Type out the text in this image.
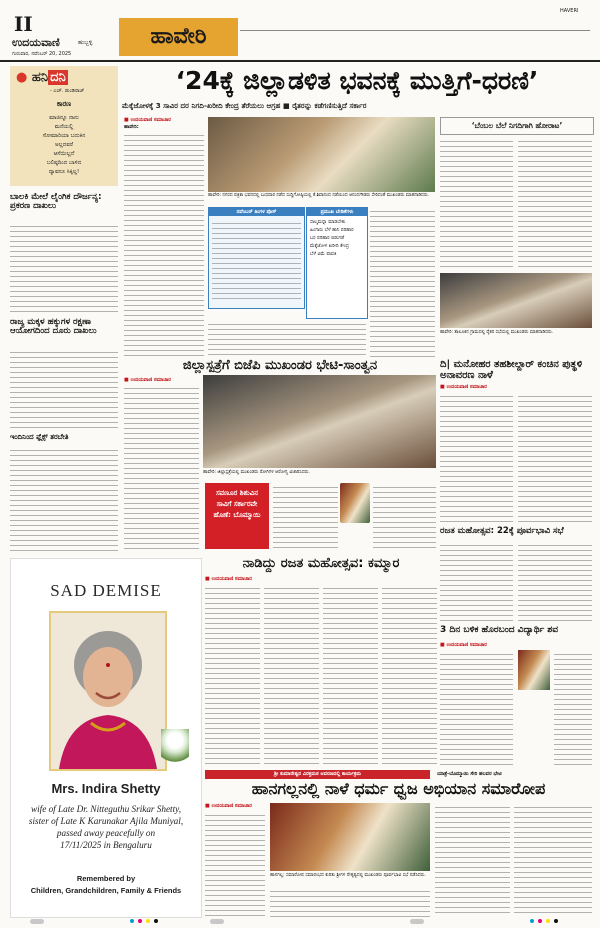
II
ಉದಯವಾಣಿ	ಹುಬ್ಬಳ್ಳಿ
ಗುರುವಾರ, ನವೆಂಬರ್ 20, 2025
ಹಾವೇರಿ
HAVERI
● ಹನಿ ದನಿ
- ಎಚ್. ಡುಂಡಿರಾಜ್
ಕಾರಣ
ಮಾಜಿನ್ನೂ ನಾನು
ಮನೆಯಲ್ಲಿ
ಸೋಮಾರಿಯಾ ಬದುಕಿನ
ಅಲ್ಲದವರೆ
ಆಸೆಯಿಲ್ಲದೆ
ಬಲಿಷ್ಠದಿಂದ ಬಾಳಿದ
ದ್ಯಾವನೂ ಸಿಕ್ಕಿಲ್ಲ!
ಬಾಲಕಿ ಮೇಲೆ ಲೈಂಗಿಕ ದೌರ್ಜನ್ಯ: ಪ್ರಕರಣ ದಾಖಲು
ರಾಜ್ಯ ಮಕ್ಕಳ ಹಕ್ಕುಗಳ ರಕ್ಷಣಾ ಆಯೋಗದಿಂದ ದೂರು ದಾಖಲು
ಇಂದಿನಿಂದ ಫ್ಲೆಕ್ಸ್ ತರಬೇತಿ
‘24ಕ್ಕೆ ಜಿಲ್ಲಾಡಳಿತ ಭವನಕ್ಕೆ ಮುತ್ತಿಗೆ-ಧರಣಿ’
ಮೆಕ್ಕೆಜೋಳಕ್ಕೆ 3 ಸಾವಿರ ದರ ನಿಗದಿ-ಖರೀದಿ ಕೇಂದ್ರ ತೆರೆಯಲು ಆಗ್ರಹ ■ ರೈತರನ್ನು ಕಡೆಗಣಿಸುತ್ತಿದೆ ಸರ್ಕಾರ
■ ಉದಯವಾಣಿ ಸಮಾಚಾರ
ಹಾವೇರಿ:
ಹಾವೇರಿ: ನಗರದ ಪತ್ರಿಕಾ ಭವನದಲ್ಲಿ ಬುಧವಾರ ನಡೆದ ಸುದ್ದಿಗೋಷ್ಠಿಯಲ್ಲಿ ಕೆ.ಶಿವಾನಂದ ನಡೆಯಿಂದ ಆನಂದಗೌಡರು ಸೇರಿದಂತೆ ಮುಖಂಡರು ಮಾತನಾಡಿದರು.
ನವೆಂಬರ್ ತಿಂಗಳ ಪೊಸ್	ಪ್ರಮುಖ ಬೇಡಿಕೆಗಳು
ಸಾಲ್ಮಮನ್ನಾ ಮಾಡಬೇಕು
ಹಿಂಗಾರು ಬೆಳೆ ಹಾನಿ ಪರಿಹಾರ
ಬರ ಪರಿಹಾರ ಬಿಡುಗಡೆ
ಮೆಕ್ಕೆಜೋಳ ಖರೀದಿ ಕೇಂದ್ರ
ಬೆಳೆ ವಿಮೆ ಪಾವತಿ
‘ಬೆಂಬಲ ಬೆಲೆ ನಿಗದಿಗಾಗಿ ಹೋರಾಟ’
ಹಾವೇರಿ: ತಾಲೂಕಿನ ಗ್ರಾಮದಲ್ಲಿ ರೈತರ ಸಭೆಯಲ್ಲಿ ಮುಖಂಡರು ಮಾತನಾಡಿದರು.
ಜಿಲ್ಲಾಸ್ಪತ್ರೆಗೆ ಬಿಜೆಪಿ ಮುಖಂಡರ ಭೇಟಿ-ಸಾಂತ್ವನ
■ ಉದಯವಾಣಿ ಸಮಾಚಾರ
ಹಾವೇರಿ: ಜಿಲ್ಲಾಸ್ಪತ್ರೆಯಲ್ಲಿ ಮುಖಂಡರು ರೋಗಿಗಳ ಆರೋಗ್ಯ ವಿಚಾರಿಸಿದರು.
ಸವಣೂರ ಶಿಶುವಿನ ಸಾವಿಗೆ ಸರ್ಕಾರವೇ ಹೊಣೆ: ಬೊಮ್ಮಾಯಿ
ದಿ| ಮನೋಹರ ತಹಶೀಲ್ದಾರ್ ಕಂಚಿನ ಪುತ್ಥಳಿ ಅನಾವರಣ ನಾಳೆ
■ ಉದಯವಾಣಿ ಸಮಾಚಾರ
ರಜತ ಮಹೋತ್ಸವ: 22ಕ್ಕೆ ಪೂರ್ವಭಾವಿ ಸಭೆ
3 ದಿನ ಬಳಿಕ ಹೊರಬಂದ ವಿದ್ಯಾರ್ಥಿ ಶವ
■ ಉದಯವಾಣಿ ಸಮಾಚಾರ
ನಾಡಿದ್ದು ರಜತ ಮಹೋತ್ಸವ: ಕಮ್ಮಾರ
■ ಉದಯವಾಣಿ ಸಮಾಚಾರ
ಶ್ರೀ ಕುಮಾರೇಶ್ವರ ವಿರಕ್ತಮಠ ಆವರಣದಲ್ಲಿ ಕಾರ್ಯಕ್ರಮ	ಯಾತ್ರೆ-ಬೊಮ್ಮಾಯಿ ಸೇರಿ ಹಲವರ ಭೇಟಿ
ಹಾನಗಲ್ಲನಲ್ಲಿ ನಾಳೆ ಧರ್ಮ ಧ್ವಜ ಅಭಿಯಾನ ಸಮಾರೋಪ
■ ಉದಯವಾಣಿ ಸಮಾಚಾರ
ಹಾನಗಲ್ಲ: ಸಮಾರೋಪ ಸಮಾರಂಭದ ಕುರಿತು ಶ್ರೀಗಳ ನೇತೃತ್ವದಲ್ಲಿ ಮುಖಂಡರು ಪೂರ್ವಭಾವಿ ಸಭೆ ನಡೆಸಿದರು.
SAD DEMISE
Mrs. Indira Shetty
wife of Late Dr. Nitteguthu Srikar Shetty,
sister of Late K Karunakar Ajila Muniyal,
passed away peacefully on
17/11/2025 in Bengaluru
Remembered by
Children, Grandchildren, Family & Friends
